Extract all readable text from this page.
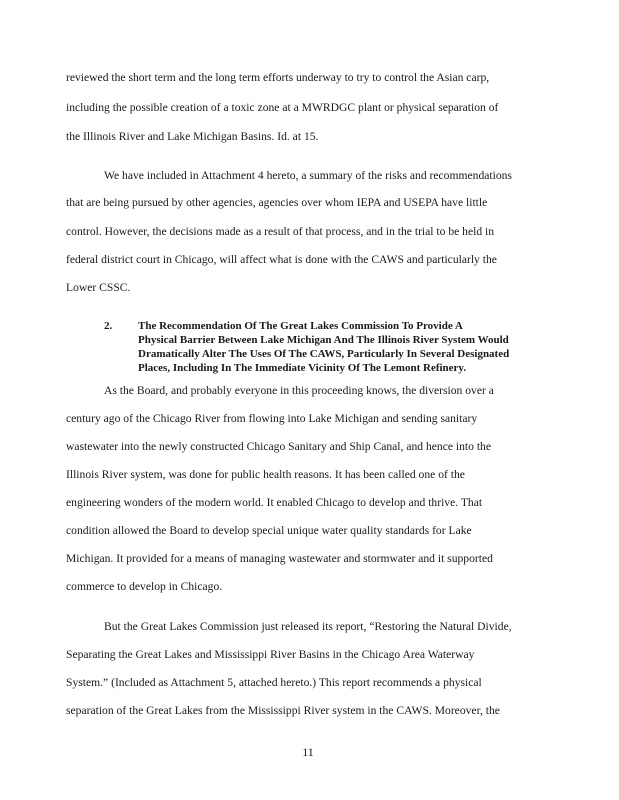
reviewed the short term and the long term efforts underway to try to control the Asian carp,
including the possible creation of a toxic zone at a MWRDGC plant or physical separation of
the Illinois River and Lake Michigan Basins. Id. at 15.
We have included in Attachment 4 hereto, a summary of the risks and recommendations
that are being pursued by other agencies, agencies over whom IEPA and USEPA have little
control. However, the decisions made as a result of that process, and in the trial to be held in
federal district court in Chicago, will affect what is done with the CAWS and particularly the
Lower CSSC.
2. The Recommendation Of The Great Lakes Commission To Provide A
Physical Barrier Between Lake Michigan And The Illinois River System Would
Dramatically Alter The Uses Of The CAWS, Particularly In Several Designated
Places, Including In The Immediate Vicinity Of The Lemont Refinery.
As the Board, and probably everyone in this proceeding knows, the diversion over a
century ago of the Chicago River from flowing into Lake Michigan and sending sanitary
wastewater into the newly constructed Chicago Sanitary and Ship Canal, and hence into the
Illinois River system, was done for public health reasons. It has been called one of the
engineering wonders of the modern world. It enabled Chicago to develop and thrive. That
condition allowed the Board to develop special unique water quality standards for Lake
Michigan. It provided for a means of managing wastewater and stormwater and it supported
commerce to develop in Chicago.
But the Great Lakes Commission just released its report, “Restoring the Natural Divide,
Separating the Great Lakes and Mississippi River Basins in the Chicago Area Waterway
System.” (Included as Attachment 5, attached hereto.) This report recommends a physical
separation of the Great Lakes from the Mississippi River system in the CAWS. Moreover, the
11
